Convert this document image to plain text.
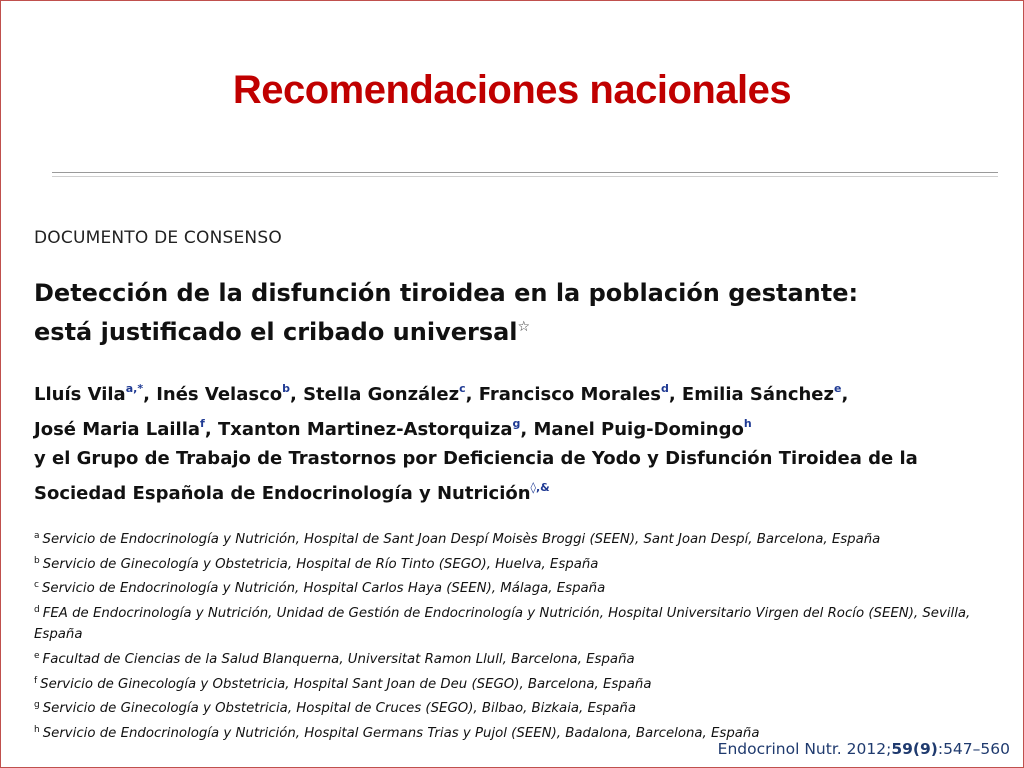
Recomendaciones nacionales
DOCUMENTO DE CONSENSO
Detección de la disfunción tiroidea en la población gestante:
está justificado el cribado universal☆
Lluís Vila$^{a,*}$, Inés Velasco$^b$, Stella González$^c$, Francisco Morales$^d$, Emilia Sánchez$^e$,
José Maria Lailla$^f$, Txanton Martinez-Astorquiza$^g$, Manel Puig-Domingo$^h$
y el Grupo de Trabajo de Trastornos por Deficiencia de Yodo y Disfunción Tiroidea de la
Sociedad Española de Endocrinología y Nutrición◊,&
$^a$ Servicio de Endocrinología y Nutrición, Hospital de Sant Joan Despí Moisès Broggi (SEEN), Sant Joan Despí, Barcelona, España
$^b$ Servicio de Ginecología y Obstetricia, Hospital de Río Tinto (SEGO), Huelva, España
$^c$ Servicio de Endocrinología y Nutrición, Hospital Carlos Haya (SEEN), Málaga, España
$^d$ FEA de Endocrinología y Nutrición, Unidad de Gestión de Endocrinología y Nutrición, Hospital Universitario Virgen del Rocío (SEEN), Sevilla, España
$^e$ Facultad de Ciencias de la Salud Blanquerna, Universitat Ramon Llull, Barcelona, España
$^f$ Servicio de Ginecología y Obstetricia, Hospital Sant Joan de Deu (SEGO), Barcelona, España
$^g$ Servicio de Ginecología y Obstetricia, Hospital de Cruces (SEGO), Bilbao, Bizkaia, España
$^h$ Servicio de Endocrinología y Nutrición, Hospital Germans Trias y Pujol (SEEN), Badalona, Barcelona, España
Endocrinol Nutr. 2012;59(9):547–560
